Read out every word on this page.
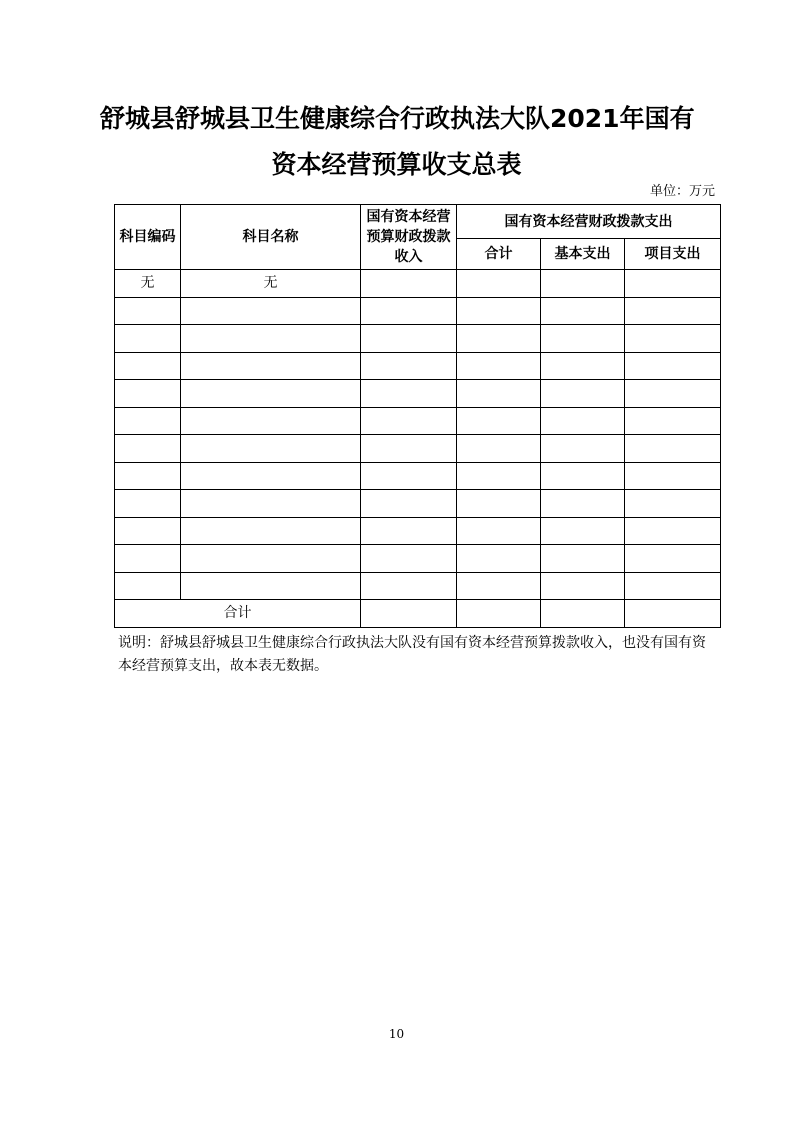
舒城县舒城县卫生健康综合行政执法大队2021年国有
资本经营预算收支总表
单位：万元
科目编码	科目名称	国有资本经营预算财政拨款收入	国有资本经营财政拨款支出		
			合计	基本支出	项目支出
无	无				

合计					
说明：舒城县舒城县卫生健康综合行政执法大队没有国有资本经营预算拨款收入，也没有国有资本经营预算支出，故本表无数据。
10
